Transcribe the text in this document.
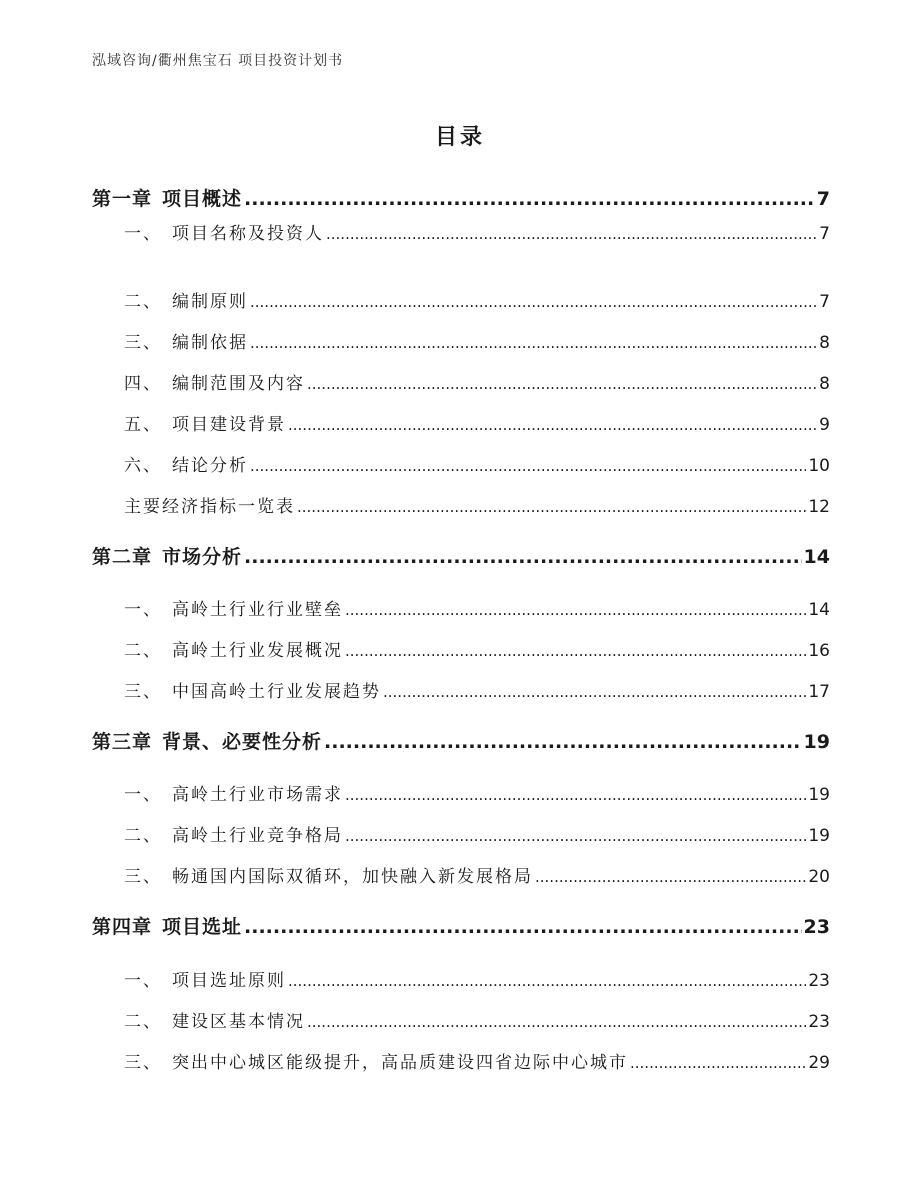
泓域咨询/衢州焦宝石 项目投资计划书
目录
第一章 项目概述 .....	7
一、 项目名称及投资人 .....	7
二、 编制原则 .....	7
三、 编制依据 .....	8
四、 编制范围及内容 .....	8
五、 项目建设背景 .....	9
六、 结论分析 .....	10
主要经济指标一览表 .....	12
第二章 市场分析 .....	14
一、 高岭土行业行业壁垒 .....	14
二、 高岭土行业发展概况 .....	16
三、 中国高岭土行业发展趋势 .....	17
第三章 背景、必要性分析 .....	19
一、 高岭土行业市场需求 .....	19
二、 高岭土行业竞争格局 .....	19
三、 畅通国内国际双循环，加快融入新发展格局 .....	20
第四章 项目选址 .....	23
一、 项目选址原则 .....	23
二、 建设区基本情况 .....	23
三、 突出中心城区能级提升，高品质建设四省边际中心城市 .....	29
